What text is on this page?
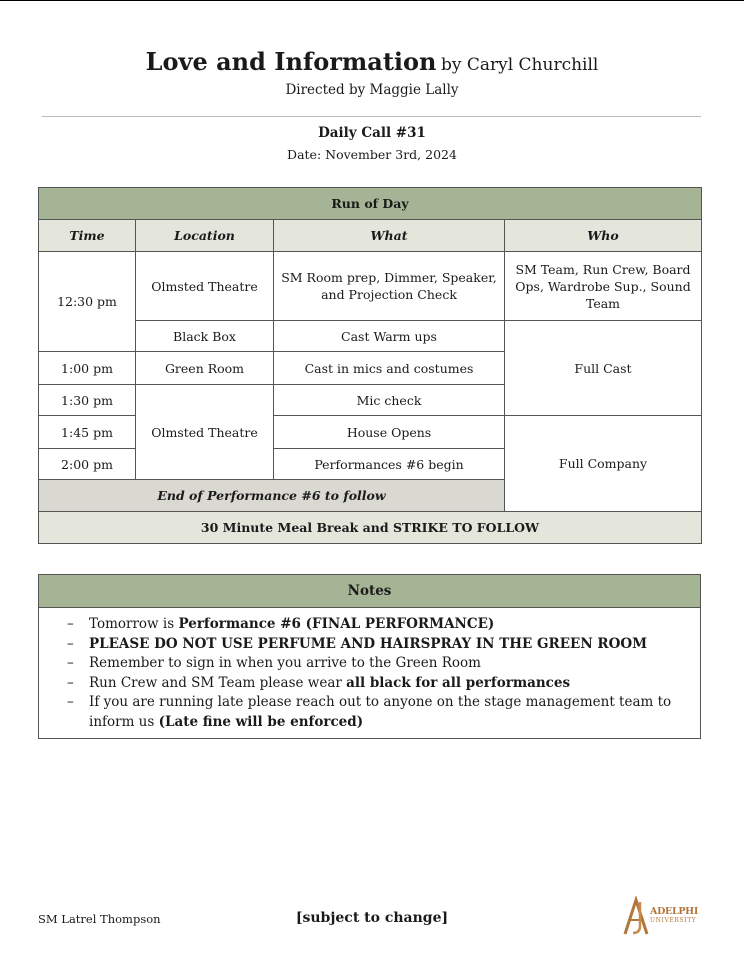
Love and Information by Caryl Churchill
Directed by Maggie Lally
Daily Call #31
Date: November 3rd, 2024
Run of Day			
Time	Location	What	Who
12:30 pm	Olmsted Theatre	SM Room prep, Dimmer, Speaker, and Projection Check	SM Team, Run Crew, Board Ops, Wardrobe Sup., Sound Team
	Black Box	Cast Warm ups	Full Cast
1:00 pm	Green Room	Cast in mics and costumes	
1:30 pm	Olmsted Theatre	Mic check	
1:45 pm		House Opens	Full Company
2:00 pm		Performances #6 begin	
End of Performance #6 to follow			
30 Minute Meal Break and STRIKE TO FOLLOW			
Notes
– Tomorrow is Performance #6 (FINAL PERFORMANCE)
– PLEASE DO NOT USE PERFUME AND HAIRSPRAY IN THE GREEN ROOM
– Remember to sign in when you arrive to the Green Room
– Run Crew and SM Team please wear all black for all performances
– If you are running late please reach out to anyone on the stage management team to inform us (Late fine will be enforced)
SM Latrel Thompson	[subject to change]	ADELPHI
UNIVERSITY
